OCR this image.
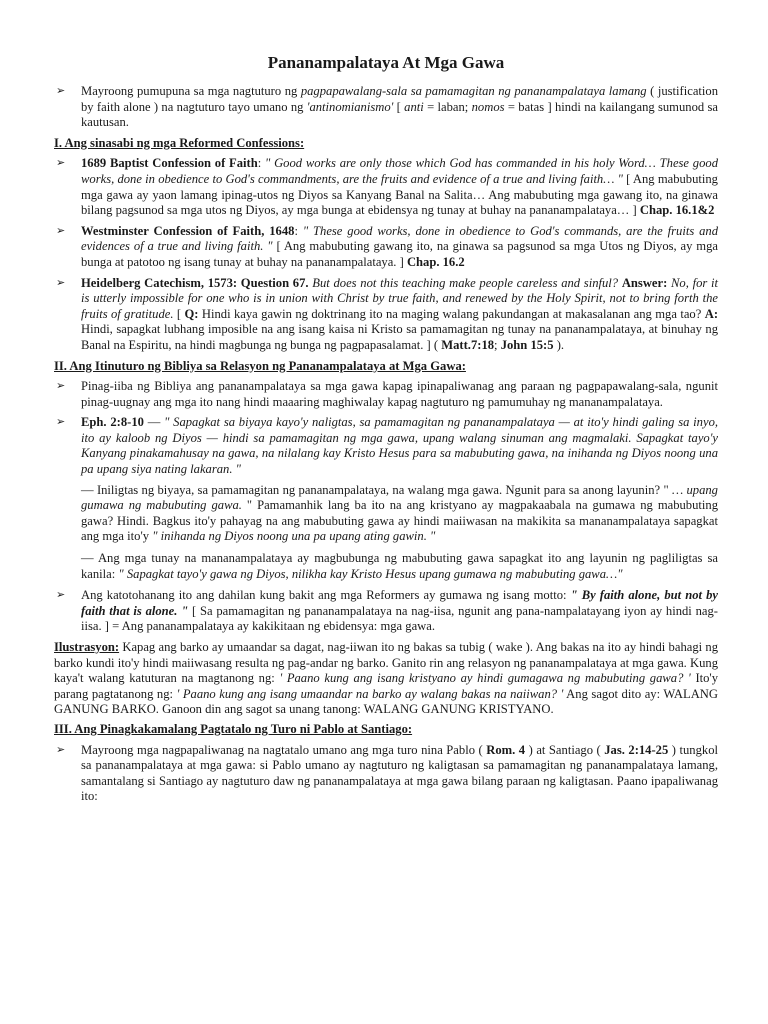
Pananampalataya At Mga Gawa
➢ Mayroong pumupuna sa mga nagtuturo ng pagpapawalang-sala sa pamamagitan ng pananampalataya lamang ( justification by faith alone ) na nagtuturo tayo umano ng 'antinomianismo' [ anti = laban; nomos = batas ] hindi na kailangang sumunod sa kautusan.
I. Ang sinasabi ng mga Reformed Confessions:
➢ 1689 Baptist Confession of Faith: " Good works are only those which God has commanded in his holy Word… These good works, done in obedience to God's commandments, are the fruits and evidence of a true and living faith… " [ Ang mabubuting mga gawa ay yaon lamang ipinag-utos ng Diyos sa Kanyang Banal na Salita… Ang mabubuting mga gawang ito, na ginawa bilang pagsunod sa mga utos ng Diyos, ay mga bunga at ebidensya ng tunay at buhay na pananampalataya… ] Chap. 16.1&2
➢ Westminster Confession of Faith, 1648: " These good works, done in obedience to God's commands, are the fruits and evidences of a true and living faith. " [ Ang mabubuting gawang ito, na ginawa sa pagsunod sa mga Utos ng Diyos, ay mga bunga at patotoo ng isang tunay at buhay na pananampalataya. ] Chap. 16.2
➢ Heidelberg Catechism, 1573: Question 67. But does not this teaching make people careless and sinful? Answer: No, for it is utterly impossible for one who is in union with Christ by true faith, and renewed by the Holy Spirit, not to bring forth the fruits of gratitude. [ Q: Hindi kaya gawin ng doktrinang ito na maging walang pakundangan at makasalanan ang mga tao? A: Hindi, sapagkat lubhang imposible na ang isang kaisa ni Kristo sa pamamagitan ng tunay na pananampalataya, at binuhay ng Banal na Espiritu, na hindi magbunga ng bunga ng pagpapasalamat. ] ( Matt.7:18; John 15:5 ).
II. Ang Itinuturo ng Bibliya sa Relasyon ng Pananampalataya at Mga Gawa:
➢ Pinag-iiba ng Bibliya ang pananampalataya sa mga gawa kapag ipinapaliwanag ang paraan ng pagpapawalang-sala, ngunit pinag-uugnay ang mga ito nang hindi maaaring maghiwalay kapag nagtuturo ng pamumuhay ng mananampalataya.
➢ Eph. 2:8-10 — " Sapagkat sa biyaya kayo'y naligtas, sa pamamagitan ng pananampalataya — at ito'y hindi galing sa inyo, ito ay kaloob ng Diyos — hindi sa pamamagitan ng mga gawa, upang walang sinuman ang magmalaki. Sapagkat tayo'y Kanyang pinakamahusay na gawa, na nilalang kay Kristo Hesus para sa mabubuting gawa, na inihanda ng Diyos noong una pa upang siya nating lakaran. "
— Iniligtas ng biyaya, sa pamamagitan ng pananampalataya, na walang mga gawa. Ngunit para sa anong layunin? " … upang gumawa ng mabubuting gawa. " Pamamanhik lang ba ito na ang kristyano ay magpakaabala na gumawa ng mabubuting gawa? Hindi. Bagkus ito'y pahayag na ang mabubuting gawa ay hindi maiiwasan na makikita sa mananampalataya sapagkat ang mga ito'y " inihanda ng Diyos noong una pa upang ating gawin. "
— Ang mga tunay na mananampalataya ay magbubunga ng mabubuting gawa sapagkat ito ang layunin ng pagliligtas sa kanila: " Sapagkat tayo'y gawa ng Diyos, nilikha kay Kristo Hesus upang gumawa ng mabubuting gawa…"
➢ Ang katotohanang ito ang dahilan kung bakit ang mga Reformers ay gumawa ng isang motto: " By faith alone, but not by faith that is alone. " [ Sa pamamagitan ng pananampalataya na nag-iisa, ngunit ang pana-nampalatayang iyon ay hindi nag-iisa. ] = Ang pananampalataya ay kakikitaan ng ebidensya: mga gawa.
Ilustrasyon: Kapag ang barko ay umaandar sa dagat, nag-iiwan ito ng bakas sa tubig ( wake ). Ang bakas na ito ay hindi bahagi ng barko kundi ito'y hindi maiiwasang resulta ng pag-andar ng barko. Ganito rin ang relasyon ng pananampalataya at mga gawa. Kung kaya't walang katuturan na magtanong ng: ' Paano kung ang isang kristyano ay hindi gumagawa ng mabubuting gawa? ' Ito'y parang pagtatanong ng: ' Paano kung ang isang umaandar na barko ay walang bakas na naiiwan? ' Ang sagot dito ay: WALANG GANUNG BARKO. Ganoon din ang sagot sa unang tanong: WALANG GANUNG KRISTYANO.
III. Ang Pinagkakamalang Pagtatalo ng Turo ni Pablo at Santiago:
➢ Mayroong mga nagpapaliwanag na nagtatalo umano ang mga turo nina Pablo ( Rom. 4 ) at Santiago ( Jas. 2:14-25 ) tungkol sa pananampalataya at mga gawa: si Pablo umano ay nagtuturo ng kaligtasan sa pamamagitan ng pananampalataya lamang, samantalang si Santiago ay nagtuturo daw ng pananampalataya at mga gawa bilang paraan ng kaligtasan. Paano ipapaliwanag ito:
